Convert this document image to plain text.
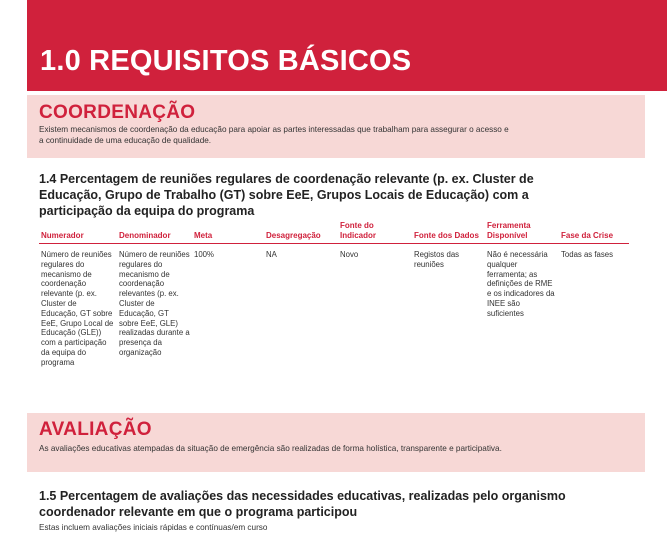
1.0 REQUISITOS BÁSICOS
COORDENAÇÃO

Existem mecanismos de coordenação da educação para apoiar as partes interessadas que trabalham para assegurar o acesso e a continuidade de uma educação de qualidade.

1.4 Percentagem de reuniões regulares de coordenação relevante (p. ex. Cluster de Educação, Grupo de Trabalho (GT) sobre EeE, Grupos Locais de Educação) com a participação da equipa do programa
Numerador	Denominador	Meta	Desagregação	Fonte do Indicador	Fonte dos Dados	Ferramenta Disponível	Fase da Crise
Número de reuniões regulares do mecanismo de coordenação relevante (p. ex. Cluster de Educação, GT sobre EeE, Grupo Local de Educação (GLE)) com a participação da equipa do programa	Número de reuniões regulares do mecanismo de coordenação relevantes (p. ex. Cluster de Educação, GT sobre EeE, GLE) realizadas durante a presença da organização	100%	NA	Novo	Registos das reuniões	Não é necessária qualquer ferramenta; as definições de RME e os indicadores da INEE são suficientes	Todas as fases
AVALIAÇÃO

As avaliações educativas atempadas da situação de emergência são realizadas de forma holística, transparente e participativa.

1.5 Percentagem de avaliações das necessidades educativas, realizadas pelo organismo coordenador relevante em que o programa participou

Estas incluem avaliações iniciais rápidas e contínuas/em curso
